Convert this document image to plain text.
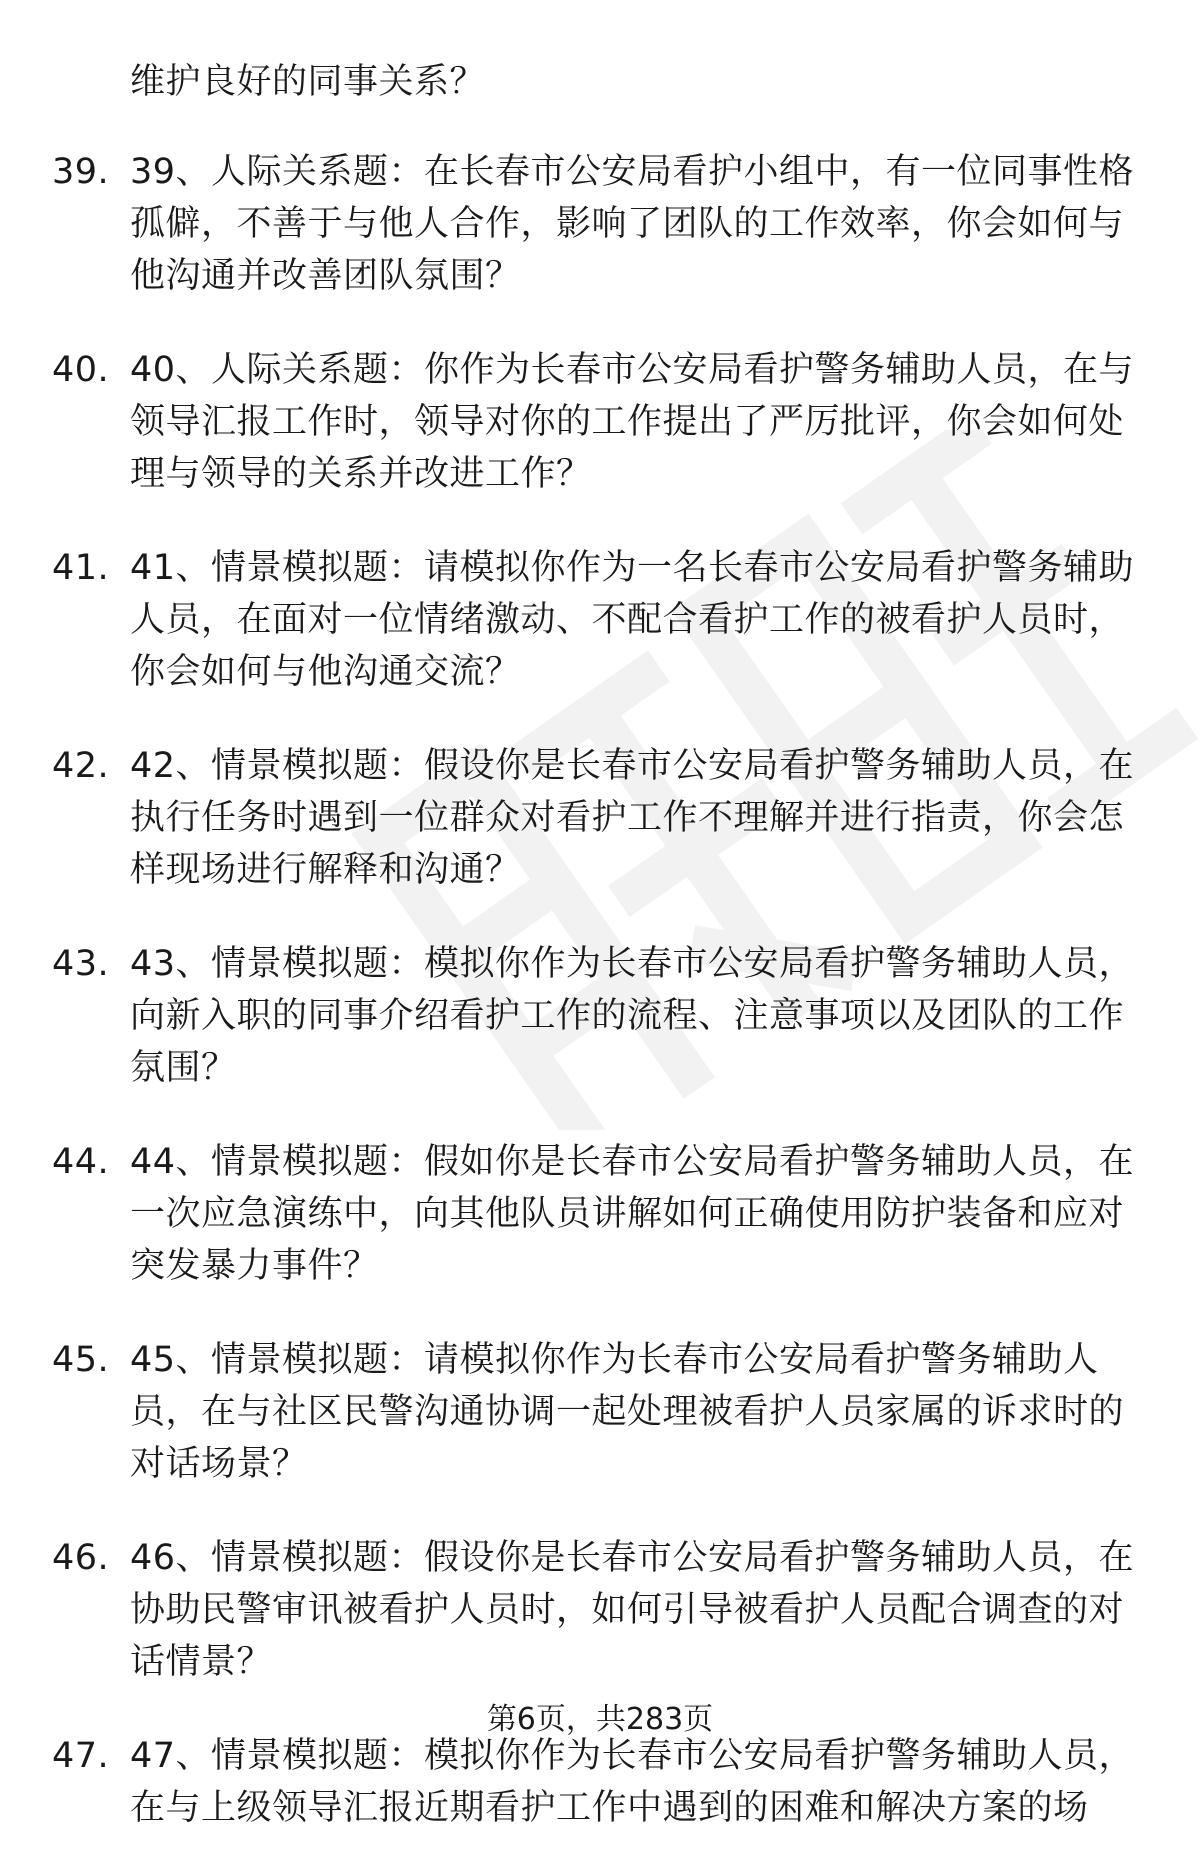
维护良好的同事关系？
39. 39、人际关系题：在长春市公安局看护小组中，有一位同事性格孤僻，不善于与他人合作，影响了团队的工作效率，你会如何与他沟通并改善团队氛围？
40. 40、人际关系题：你作为长春市公安局看护警务辅助人员，在与领导汇报工作时，领导对你的工作提出了严厉批评，你会如何处理与领导的关系并改进工作？
41. 41、情景模拟题：请模拟你作为一名长春市公安局看护警务辅助人员，在面对一位情绪激动、不配合看护工作的被看护人员时，你会如何与他沟通交流？
42. 42、情景模拟题：假设你是长春市公安局看护警务辅助人员，在执行任务时遇到一位群众对看护工作不理解并进行指责，你会怎样现场进行解释和沟通？
43. 43、情景模拟题：模拟你作为长春市公安局看护警务辅助人员，向新入职的同事介绍看护工作的流程、注意事项以及团队的工作氛围？
44. 44、情景模拟题：假如你是长春市公安局看护警务辅助人员，在一次应急演练中，向其他队员讲解如何正确使用防护装备和应对突发暴力事件？
45. 45、情景模拟题：请模拟你作为长春市公安局看护警务辅助人员，在与社区民警沟通协调一起处理被看护人员家属的诉求时的对话场景？
46. 46、情景模拟题：假设你是长春市公安局看护警务辅助人员，在协助民警审讯被看护人员时，如何引导被看护人员配合调查的对话情景？
47. 47、情景模拟题：模拟你作为长春市公安局看护警务辅助人员，在与上级领导汇报近期看护工作中遇到的困难和解决方案的场
第6页，共283页
